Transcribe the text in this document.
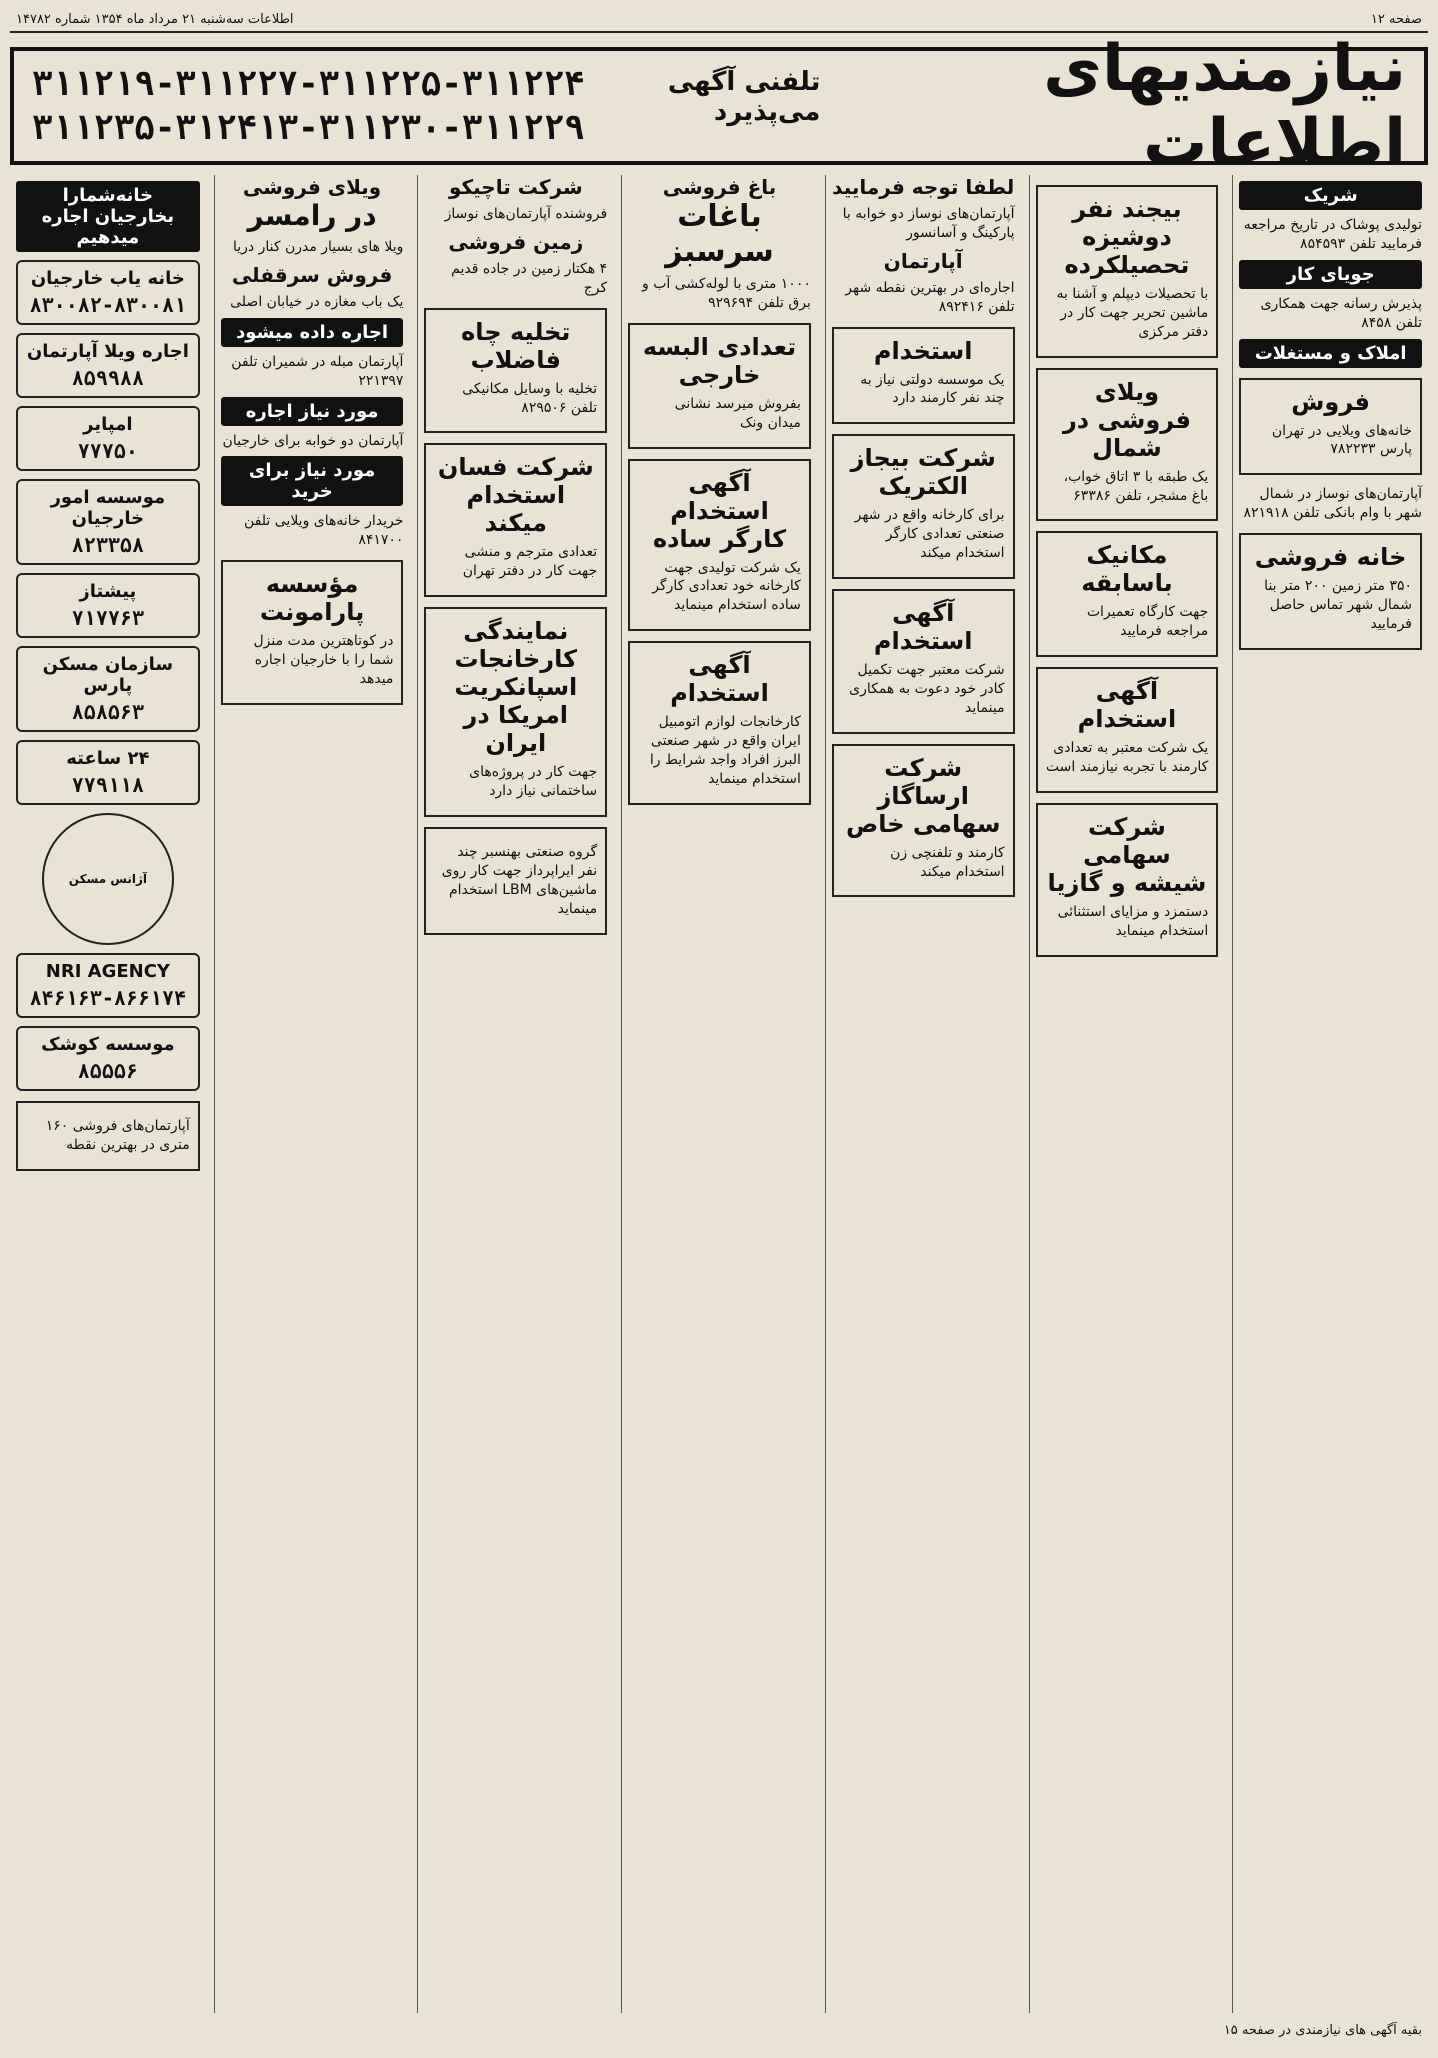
صفحه ۱۲
اطلاعات سه‌شنبه ۲۱ مرداد ماه ۱۳۵۴ شماره ۱۴۷۸۲
نیازمندیهای اطلاعات
تلفنی آگهی می‌پذیرد
۳۱۱۲۱۹-۳۱۱۲۲۷-۳۱۱۲۲۵-۳۱۱۲۲۴
۳۱۱۲۳۵-۳۱۲۴۱۳-۳۱۱۲۳۰-۳۱۱۲۲۹
شریک
تولیدی پوشاک در تاریخ مراجعه فرمایید تلفن ۸۵۴۵۹۳
جویای کار
پذیرش رسانه جهت همکاری تلفن ۸۴۵۸
املاک و مستغلات
فروش
خانه‌های ویلایی در تهران پارس ۷۸۲۲۳۳
آپارتمان‌های نوساز در شمال شهر با وام بانکی تلفن ۸۲۱۹۱۸
خانه فروشی
۳۵۰ متر زمین ۲۰۰ متر بنا شمال شهر تماس حاصل فرمایید
بیجند نفر دوشیزه تحصیلکرده
با تحصیلات دیپلم و آشنا به ماشین تحریر جهت کار در دفتر مرکزی
ویلای فروشی در شمال
یک طبقه با ۳ اتاق خواب، باغ مشجر، تلفن ۶۳۳۸۶
مکانیک باسابقه
جهت کارگاه تعمیرات مراجعه فرمایید
آگهی استخدام
یک شرکت معتبر به تعدادی کارمند با تجربه نیازمند است
شرکت سهامی شیشه و گازیا
دستمزد و مزایای استثنائی استخدام مینماید
لطفا توجه فرمایید
آپارتمان‌های نوساز دو خوابه با پارکینگ و آسانسور
آپارتمان
اجاره‌ای در بهترین نقطه شهر تلفن ۸۹۲۴۱۶
استخدام
یک موسسه دولتی نیاز به چند نفر کارمند دارد
شرکت بیجاز الکتریک
برای کارخانه واقع در شهر صنعتی تعدادی کارگر استخدام میکند
آگهی استخدام
شرکت معتبر جهت تکمیل کادر خود دعوت به همکاری مینماید
شرکت ارساگاز سهامی خاص
کارمند و تلفنچی زن استخدام میکند
باغ فروشی
باغات سرسبز
۱۰۰۰ متری با لوله‌کشی آب و برق تلفن ۹۲۹۶۹۴
تعدادی البسه خارجی
بفروش میرسد نشانی میدان ونک
آگهی استخدام کارگر ساده
یک شرکت تولیدی جهت کارخانه خود تعدادی کارگر ساده استخدام مینماید
آگهی استخدام
کارخانجات لوازم اتومبیل ایران واقع در شهر صنعتی البرز افراد واجد شرایط را استخدام مینماید
شرکت تاچیکو
فروشنده آپارتمان‌های نوساز
زمین فروشی
۴ هکتار زمین در جاده قدیم کرج
تخلیه چاه فاضلاب
تخلیه با وسایل مکانیکی تلفن ۸۲۹۵۰۶
شرکت فسان استخدام میکند
تعدادی مترجم و منشی جهت کار در دفتر تهران
نمایندگی کارخانجات اسپانکریت امریکا در ایران
جهت کار در پروژه‌های ساختمانی نیاز دارد
گروه صنعتی بهنسبر چند نفر ایراپرداز جهت کار روی ماشین‌های LBM استخدام مینماید
ویلای فروشی
در رامسر
ویلا های بسیار مدرن کنار دریا
فروش سرقفلی
یک باب مغازه در خیابان اصلی
اجاره داده میشود
آپارتمان مبله در شمیران تلفن ۲۲۱۳۹۷
مورد نیاز اجاره
آپارتمان دو خوابه برای خارجیان
مورد نیاز برای خرید
خریدار خانه‌های ویلایی تلفن ۸۴۱۷۰۰
مؤسسه پارامونت
در کوتاهترین مدت منزل شما را با خارجیان اجاره میدهد
خانه‌شمارا بخارجیان اجاره میدهیم
خانه یاب خارجیان
۸۳۰۰۸۲-۸۳۰۰۸۱
اجاره ویلا آپارتمان
۸۵۹۹۸۸
امپایر
۷۷۷۵۰
موسسه امور خارجیان
۸۲۳۳۵۸
پیشتاز
۷۱۷۷۶۳
سازمان مسکن پارس
۸۵۸۵۶۳
۲۴ ساعته
۷۷۹۱۱۸
آژانس مسکن
NRI AGENCY
۸۴۶۱۶۳-۸۶۶۱۷۴
موسسه کوشک
۸۵۵۵۶
آپارتمان‌های فروشی ۱۶۰ متری در بهترین نقطه
بقیه آگهی های نیازمندی در صفحه ۱۵
